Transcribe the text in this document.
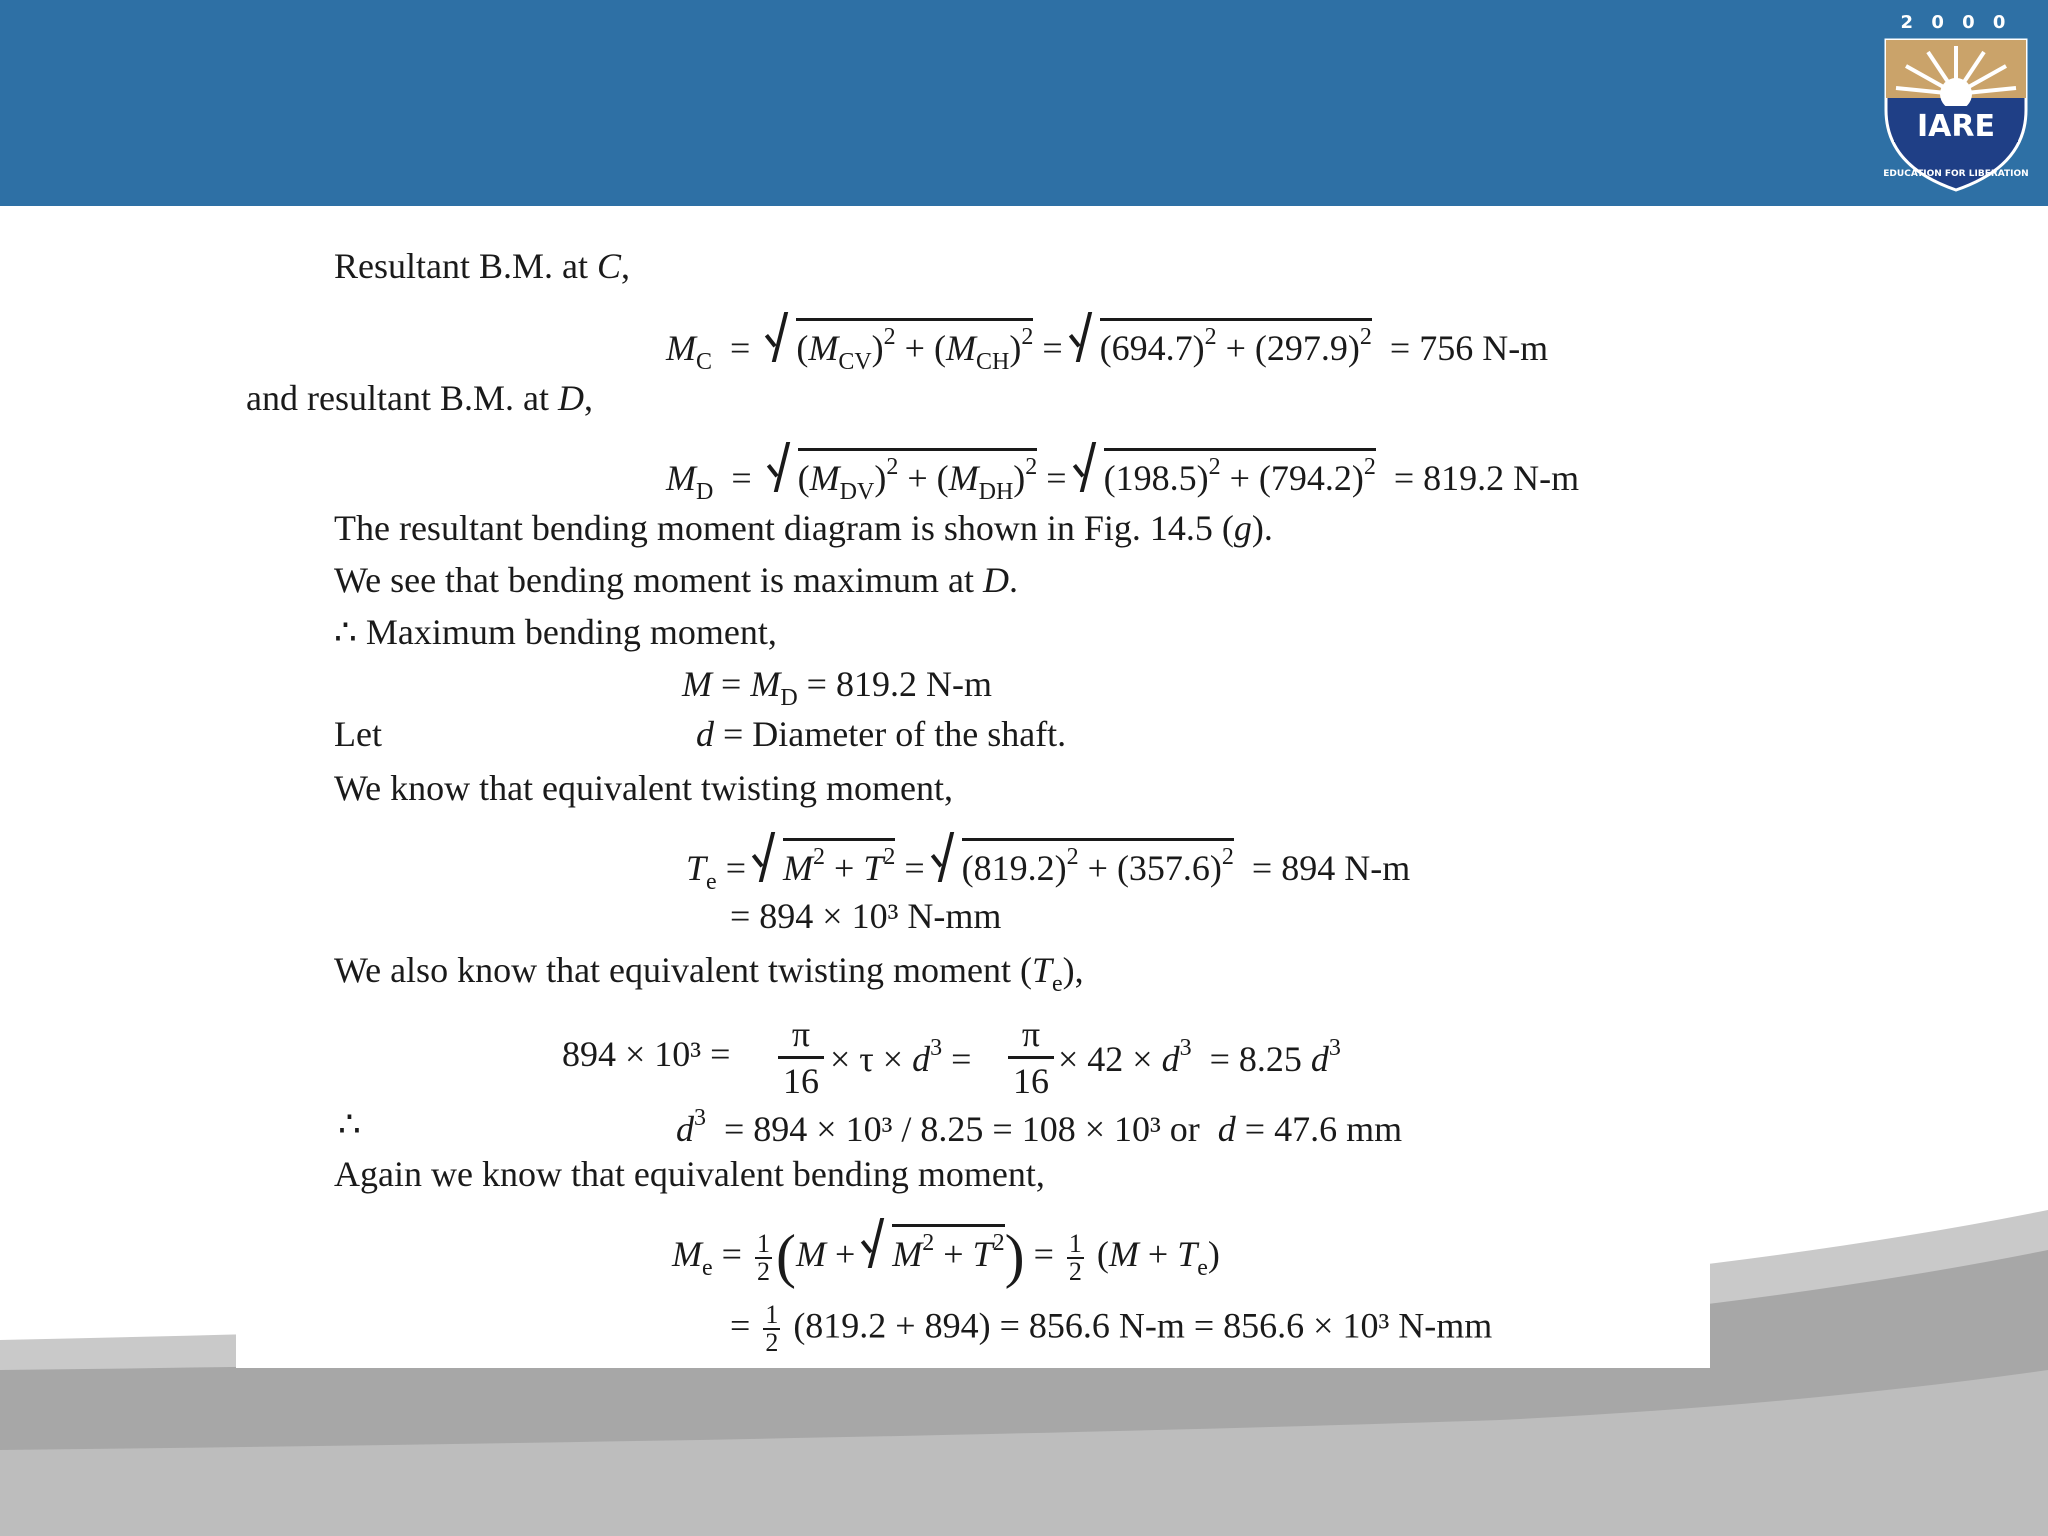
2 0 0 0
IARE
EDUCATION FOR LIBERATION
Resultant B.M. at C,
$M_C = (M_{CV})^2 + (M_{CH})^2 = (694.7)^2 + (297.9)^2 = 756$ N-m
and resultant B.M. at D,
$M_D = (M_{DV})^2 + (M_{DH})^2 = (198.5)^2 + (794.2)^2 = 819.2$ N-m
The resultant bending moment diagram is shown in Fig. 14.5 (g).
We see that bending moment is maximum at D.
∴ Maximum bending moment,
$M = M_D = 819.2$ N-m
Let	d = Diameter of the shaft.
We know that equivalent twisting moment,
$T_e = M^2 + T^2 = (819.2)^2 + (357.6)^2 = 894$ N-m
= 894 × 10³ N-mm
We also know that equivalent twisting moment $(T_e)$,
$894 \times 10^3 = \frac{\pi}{16} \times \tau \times d^3 = \frac{\pi}{16} \times 42 \times d^3 = 8.25$ $d^3$
∴	$d^3 = 894 \times 10^3 / 8.25 = 108 \times 10^3$ or d = 47.6 mm
Again we know that equivalent bending moment,
$M_e = \frac{1}{2} (M + M^2 + T^2) = \frac{1}{2} (M + T_e)$
= $\frac{1}{2} (819.2 + 894) = 856.6$ N-m = 856.6 × 10³ N-mm
